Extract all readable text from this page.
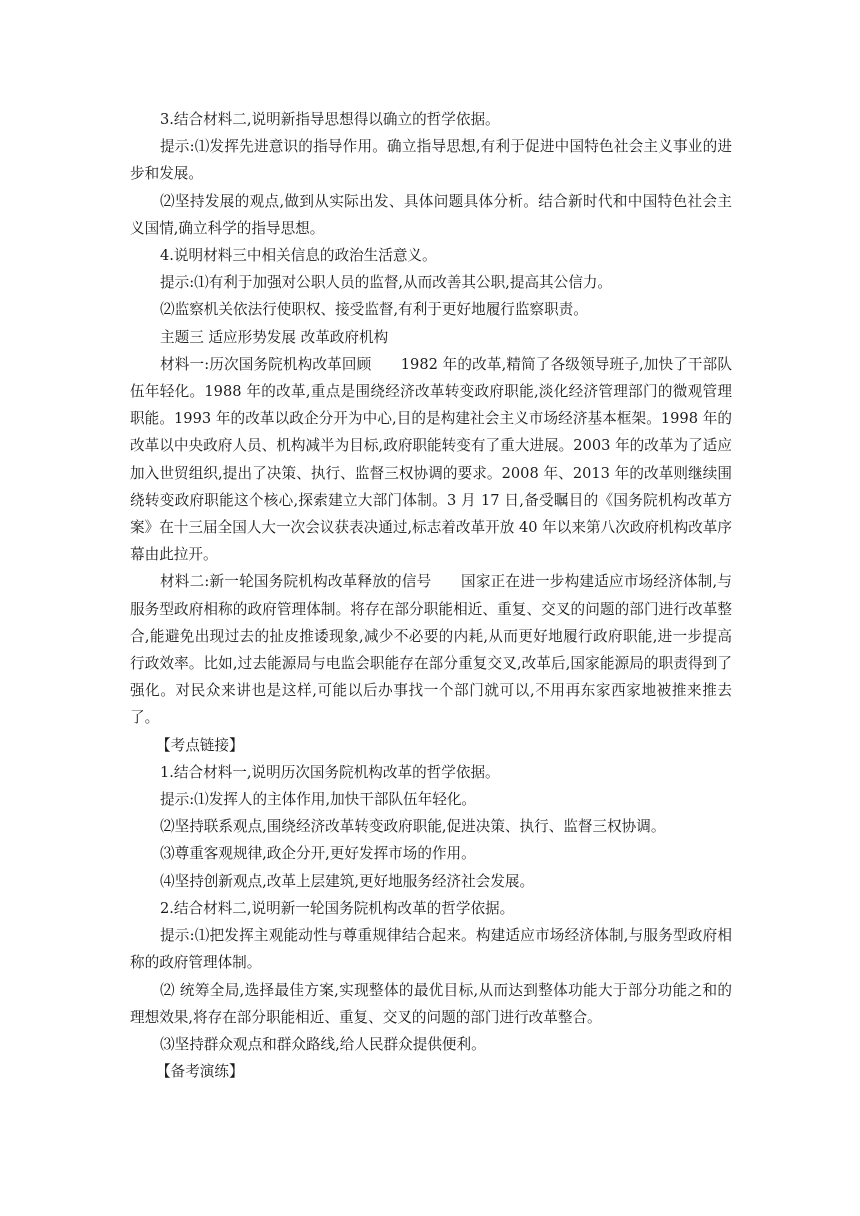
3.结合材料二,说明新指导思想得以确立的哲学依据。

提示:⑴发挥先进意识的指导作用。确立指导思想,有利于促进中国特色社会主义事业的进步和发展。

⑵坚持发展的观点,做到从实际出发、具体问题具体分析。结合新时代和中国特色社会主义国情,确立科学的指导思想。

4.说明材料三中相关信息的政治生活意义。

提示:⑴有利于加强对公职人员的监督,从而改善其公职,提高其公信力。

⑵监察机关依法行使职权、接受监督,有利于更好地履行监察职责。

主题三 适应形势发展 改革政府机构

材料一:历次国务院机构改革回顾　　1982 年的改革,精简了各级领导班子,加快了干部队伍年轻化。1988 年的改革,重点是围绕经济改革转变政府职能,淡化经济管理部门的微观管理职能。1993 年的改革以政企分开为中心,目的是构建社会主义市场经济基本框架。1998 年的改革以中央政府人员、机构减半为目标,政府职能转变有了重大进展。2003 年的改革为了适应加入世贸组织,提出了决策、执行、监督三权协调的要求。2008 年、2013 年的改革则继续围绕转变政府职能这个核心,探索建立大部门体制。3 月 17 日,备受瞩目的《国务院机构改革方案》在十三届全国人大一次会议获表决通过,标志着改革开放 40 年以来第八次政府机构改革序幕由此拉开。

材料二:新一轮国务院机构改革释放的信号　　国家正在进一步构建适应市场经济体制,与服务型政府相称的政府管理体制。将存在部分职能相近、重复、交叉的问题的部门进行改革整合,能避免出现过去的扯皮推诿现象,减少不必要的内耗,从而更好地履行政府职能,进一步提高行政效率。比如,过去能源局与电监会职能存在部分重复交叉,改革后,国家能源局的职责得到了强化。对民众来讲也是这样,可能以后办事找一个部门就可以,不用再东家西家地被推来推去了。

【考点链接】

1.结合材料一,说明历次国务院机构改革的哲学依据。

提示:⑴发挥人的主体作用,加快干部队伍年轻化。

⑵坚持联系观点,围绕经济改革转变政府职能,促进决策、执行、监督三权协调。

⑶尊重客观规律,政企分开,更好发挥市场的作用。

⑷坚持创新观点,改革上层建筑,更好地服务经济社会发展。

2.结合材料二,说明新一轮国务院机构改革的哲学依据。

提示:⑴把发挥主观能动性与尊重规律结合起来。构建适应市场经济体制,与服务型政府相称的政府管理体制。

⑵ 统筹全局,选择最佳方案,实现整体的最优目标,从而达到整体功能大于部分功能之和的理想效果,将存在部分职能相近、重复、交叉的问题的部门进行改革整合。

⑶坚持群众观点和群众路线,给人民群众提供便利。

【备考演练】
